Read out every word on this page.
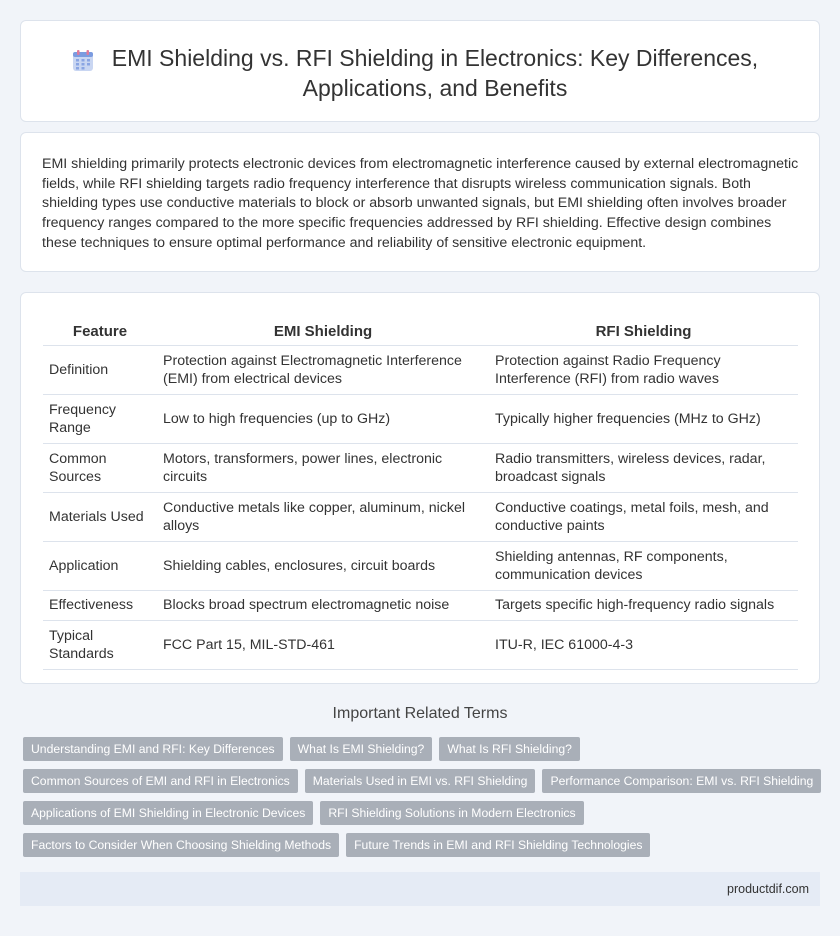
EMI Shielding vs. RFI Shielding in Electronics: Key Differences, Applications, and Benefits

EMI shielding primarily protects electronic devices from electromagnetic interference caused by external electromagnetic fields, while RFI shielding targets radio frequency interference that disrupts wireless communication signals. Both shielding types use conductive materials to block or absorb unwanted signals, but EMI shielding often involves broader frequency ranges compared to the more specific frequencies addressed by RFI shielding. Effective design combines these techniques to ensure optimal performance and reliability of sensitive electronic equipment.

Feature	EMI Shielding	RFI Shielding
Definition	Protection against Electromagnetic Interference (EMI) from electrical devices	Protection against Radio Frequency Interference (RFI) from radio waves
Frequency Range	Low to high frequencies (up to GHz)	Typically higher frequencies (MHz to GHz)
Common Sources	Motors, transformers, power lines, electronic circuits	Radio transmitters, wireless devices, radar, broadcast signals
Materials Used	Conductive metals like copper, aluminum, nickel alloys	Conductive coatings, metal foils, mesh, and conductive paints
Application	Shielding cables, enclosures, circuit boards	Shielding antennas, RF components, communication devices
Effectiveness	Blocks broad spectrum electromagnetic noise	Targets specific high-frequency radio signals
Typical Standards	FCC Part 15, MIL-STD-461	ITU-R, IEC 61000-4-3
Important Related Terms
Understanding EMI and RFI: Key Differences	What Is EMI Shielding?	What Is RFI Shielding?
Common Sources of EMI and RFI in Electronics	Materials Used in EMI vs. RFI Shielding	Performance Comparison: EMI vs. RFI Shielding
Applications of EMI Shielding in Electronic Devices	RFI Shielding Solutions in Modern Electronics
Factors to Consider When Choosing Shielding Methods	Future Trends in EMI and RFI Shielding Technologies
productdif.com
